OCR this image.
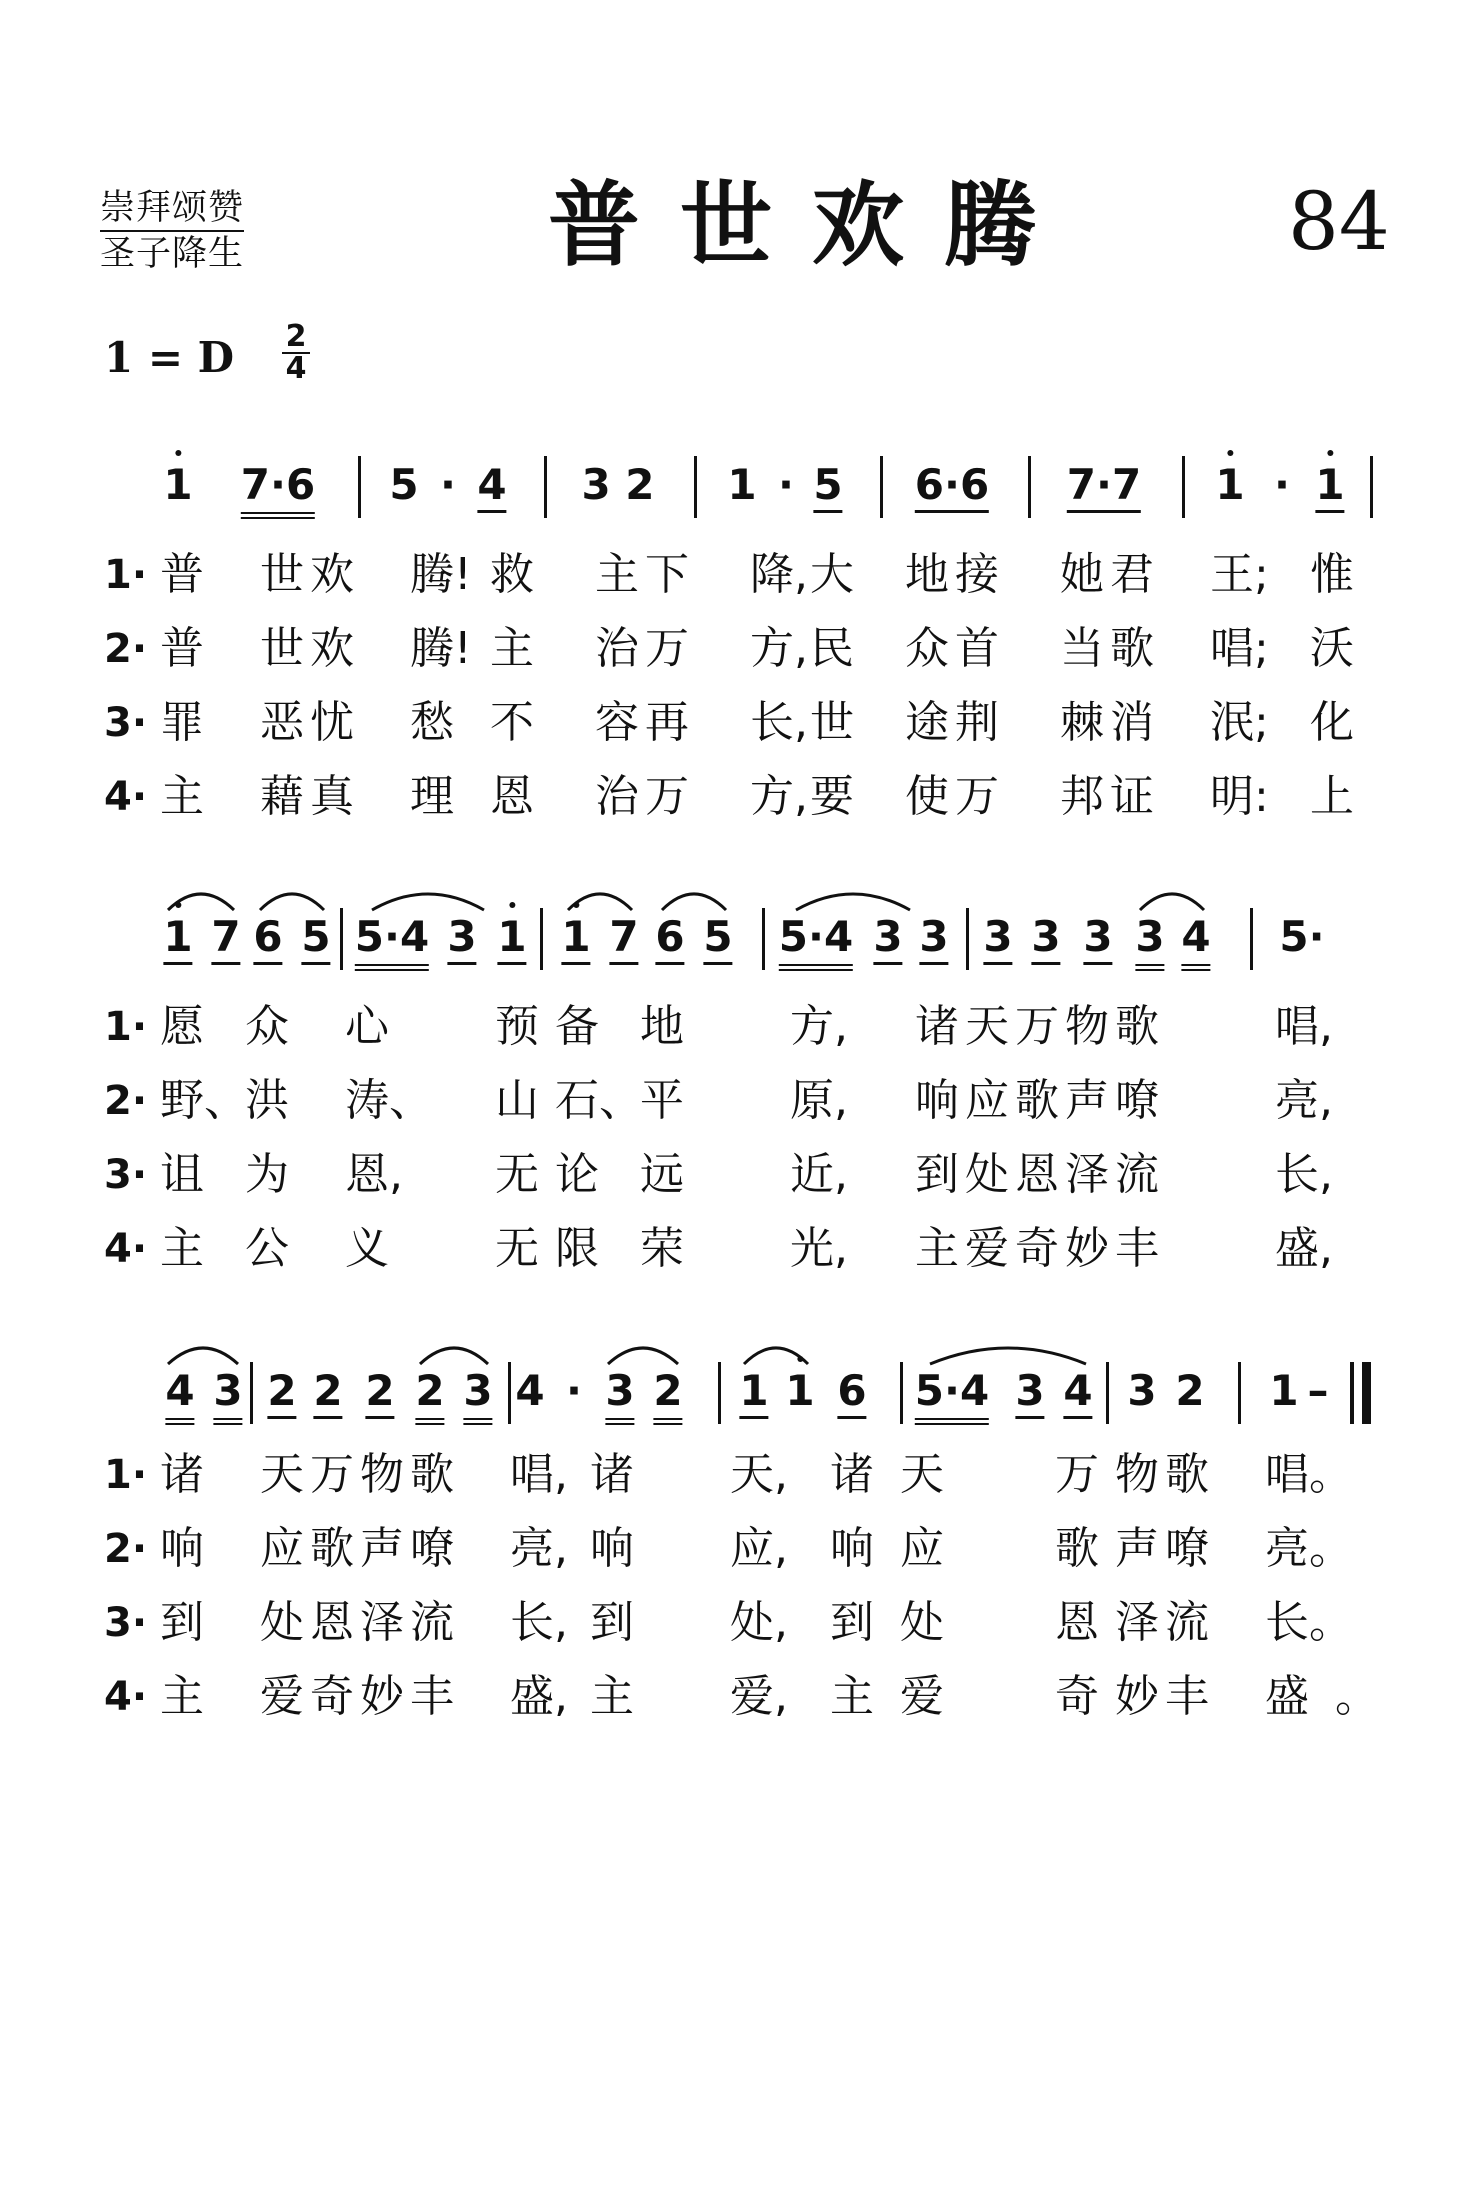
崇拜颂赞
圣子降生	普世欢腾	84
1 = D 2
4
1 7·6 5 · 4 3 2 1 · 5 6·6 7·7 1 · 1
1· 普 世 欢 腾! 救 主 下 降, 大 地 接 她 君 王; 惟
2· 普 世 欢 腾! 主 治 万 方, 民 众 首 当 歌 唱; 沃
3· 罪 恶 忧 愁 不 容 再 长, 世 途 荆 棘 消 泯; 化
4· 主 藉 真 理 恩 治 万 方, 要 使 万 邦 证 明: 上
1 7 6 5 5·4 3 1 1 7 6 5 5·4 3 3 3 3 3 3 4 5·
1· 愿 众 心 预 备 地 方, 诸 天 万 物 歌	唱,
2· 野、
洪 涛、 山 石、
平 原, 响 应 歌 声 嘹	亮,
3· 诅 为 恩, 无 论 远 近, 到 处 恩 泽 流	长,
4· 主 公 义 无 限 荣 光, 主 爱 奇 妙 丰	盛,
4 3 2 2 2 2 3 4 · 3 2 1 1 6 5·4 3 4 3 2 1 –
1· 诸 天 万 物 歌 唱, 诸 天, 诸 天	万 物 歌 唱。
2· 响 应 歌 声 嘹 亮, 响 应, 响 应	歌 声 嘹 亮。
3· 到 处 恩 泽 流 长, 到 处, 到 处	恩 泽 流 长。
4· 主 爱 奇 妙 丰 盛, 主 爱, 主 爱	奇 妙 丰 盛 。
